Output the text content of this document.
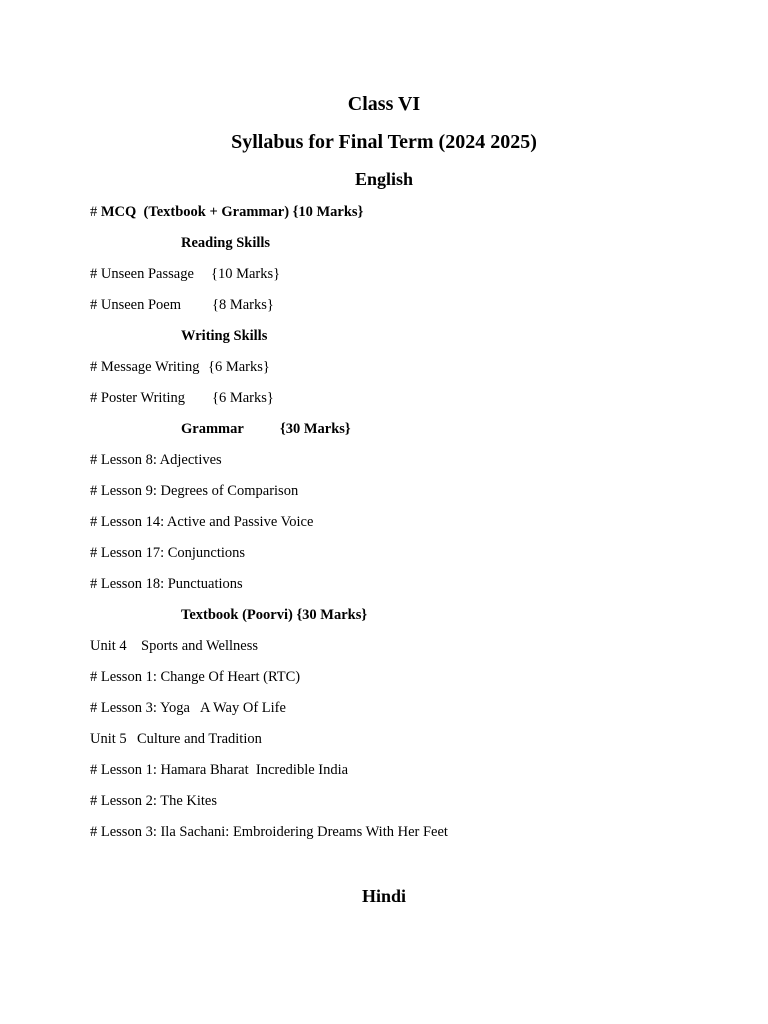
Class VI
Syllabus for Final Term (2024 2025)
English
# MCQ  (Textbook + Grammar) {10 Marks}
Reading Skills
# Unseen Passage {10 Marks}
# Unseen Poem {8 Marks}
Writing Skills
# Message Writing {6 Marks}
# Poster Writing {6 Marks}
Grammar {30 Marks}
# Lesson 8: Adjectives
# Lesson 9: Degrees of Comparison
# Lesson 14: Active and Passive Voice
# Lesson 17: Conjunctions
# Lesson 18: Punctuations
Textbook (Poorvi) {30 Marks}
Unit 4 Sports and Wellness
# Lesson 1: Change Of Heart (RTC)
# Lesson 3: Yoga   A Way Of Life
Unit 5 Culture and Tradition
# Lesson 1: Hamara Bharat  Incredible India
# Lesson 2: The Kites
# Lesson 3: Ila Sachani: Embroidering Dreams With Her Feet
Hindi
